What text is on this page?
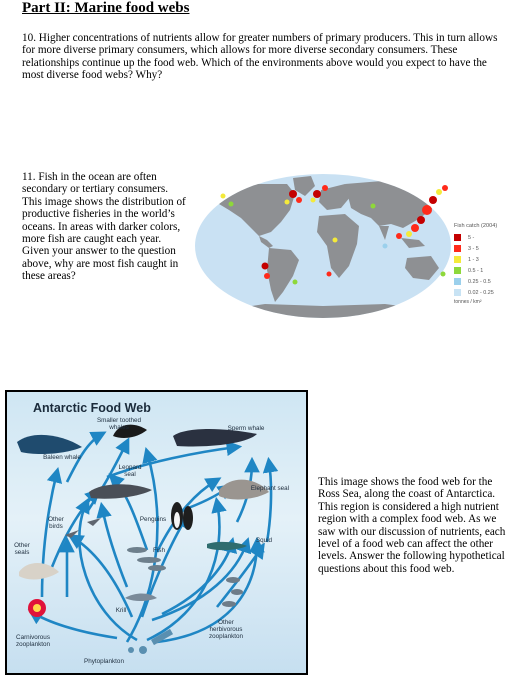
Part II: Marine food webs
10. Higher concentrations of nutrients allow for greater numbers of primary producers. This in turn allows for more diverse primary consumers, which allows for more diverse secondary consumers. These relationships continue up the food web. Which of the environments above would you expect to have the most diverse food webs? Why?
11. Fish in the ocean are often secondary or tertiary consumers. This image shows the distribution of productive fisheries in the world’s oceans. In areas with darker colors, more fish are caught each year. Given your answer to the question above, why are most fish caught in these areas?
Fish catch (2004)
5 -
3 - 5
1 - 3
0.5 - 1
0.25 - 0.5
0.02 - 0.25
tonnes / km²
Antarctic Food Web
Smaller toothed whales	Sperm whale
Baleen whale
Leopard seal
Elephant seal
Other birds
Penguins
Squid
Other seals	Fish
Krill
Other herbivorous zooplankton
Carnivorous zooplankton
Phytoplankton
This image shows the food web for the Ross Sea, along the coast of Antarctica. This region is considered a high nutrient region with a complex food web. As we saw with our discussion of nutrients, each level of a food web can affect the other levels. Answer the following hypothetical questions about this food web.
